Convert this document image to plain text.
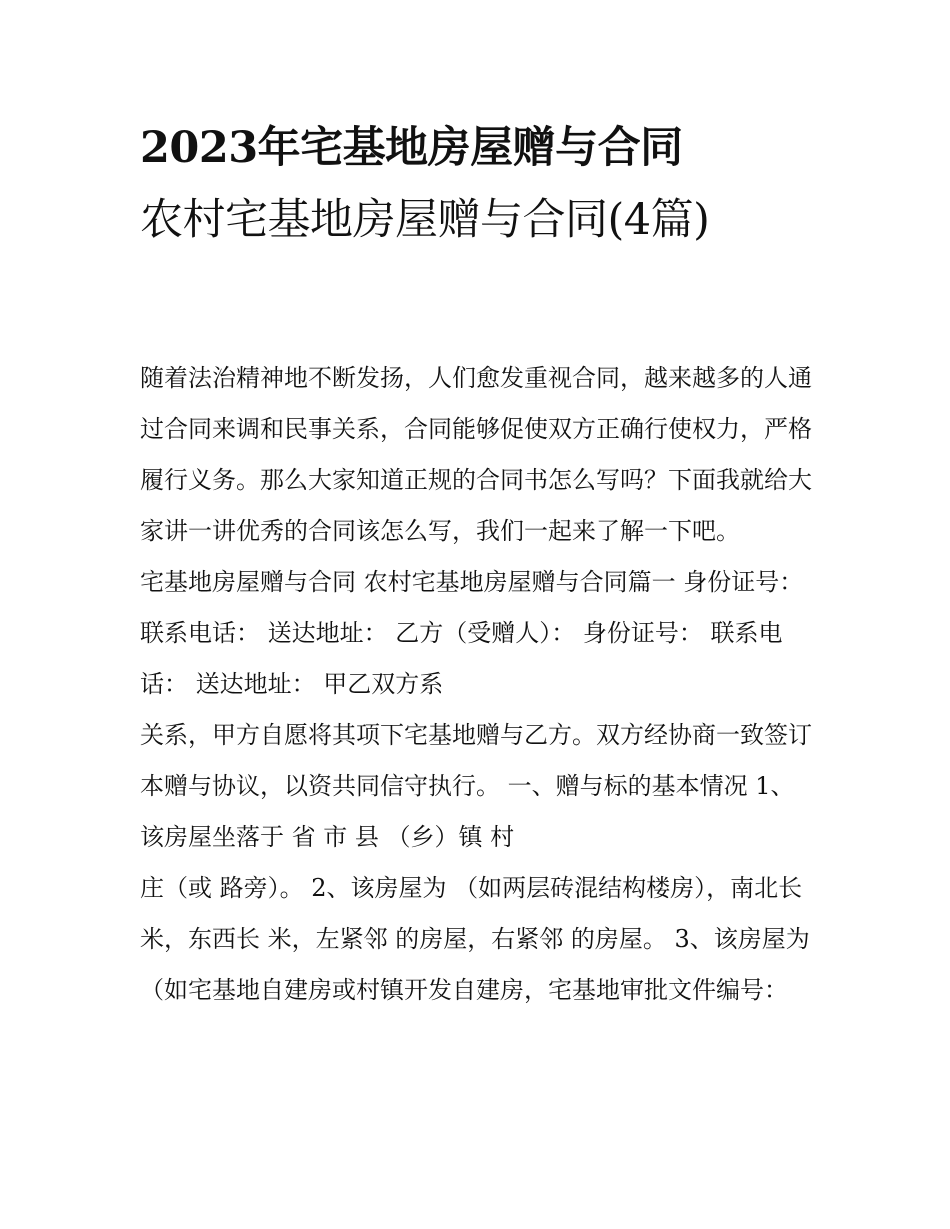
2023年宅基地房屋赠与合同
农村宅基地房屋赠与合同(4篇)

随着法治精神地不断发扬，人们愈发重视合同，越来越多的人通过合同来调和民事关系，合同能够促使双方正确行使权力，严格履行义务。那么大家知道正规的合同书怎么写吗？下面我就给大家讲一讲优秀的合同该怎么写，我们一起来了解一下吧。

宅基地房屋赠与合同 农村宅基地房屋赠与合同篇一 身份证号： 联系电话： 送达地址： 乙方（受赠人）： 身份证号： 联系电话： 送达地址： 甲乙双方系

关系，甲方自愿将其项下宅基地赠与乙方。双方经协商一致签订本赠与协议，以资共同信守执行。 一、赠与标的基本情况 1、该房屋坐落于 省 市 县 （乡）镇 村

庄（或 路旁）。 2、该房屋为 （如两层砖混结构楼房），南北长 米，东西长 米，左紧邻 的房屋，右紧邻 的房屋。 3、该房屋为

（如宅基地自建房或村镇开发自建房，宅基地审批文件编号：
